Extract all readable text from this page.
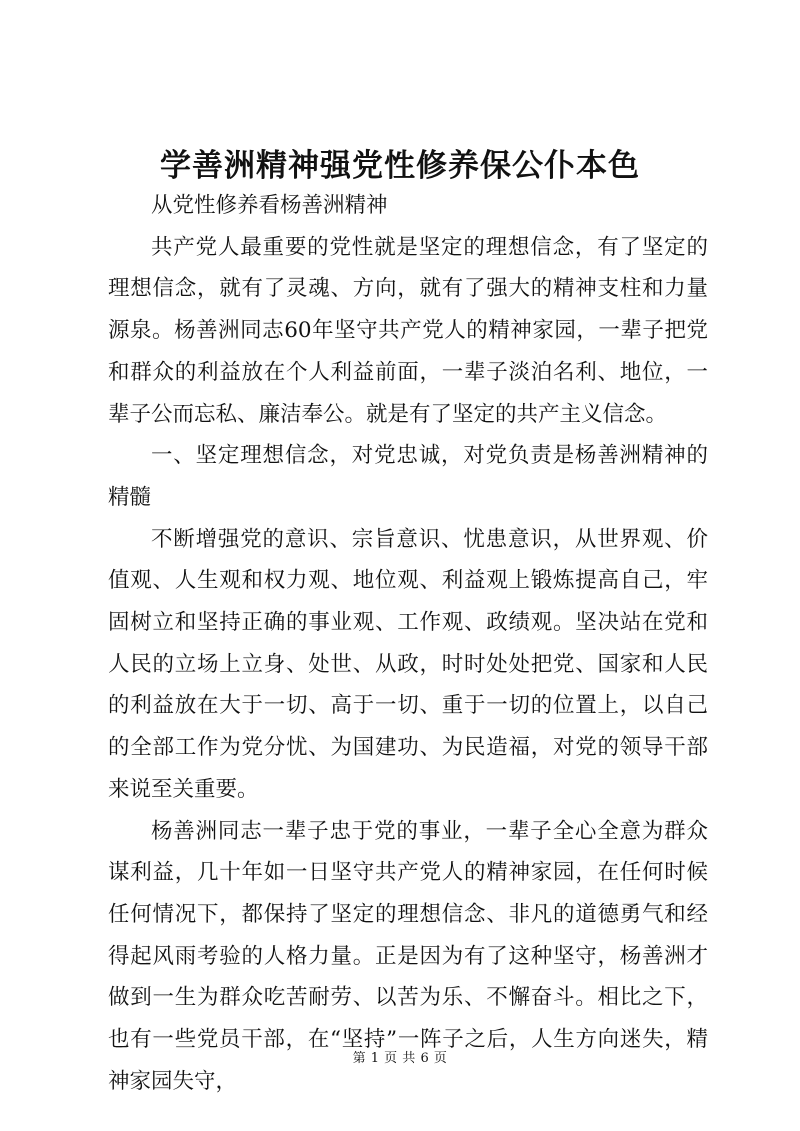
学善洲精神强党性修养保公仆本色

从党性修养看杨善洲精神

共产党人最重要的党性就是坚定的理想信念，有了坚定的理想信念，就有了灵魂、方向，就有了强大的精神支柱和力量源泉。杨善洲同志60年坚守共产党人的精神家园，一辈子把党和群众的利益放在个人利益前面，一辈子淡泊名利、地位，一辈子公而忘私、廉洁奉公。就是有了坚定的共产主义信念。

一、坚定理想信念，对党忠诚，对党负责是杨善洲精神的精髓

不断增强党的意识、宗旨意识、忧患意识，从世界观、价值观、人生观和权力观、地位观、利益观上锻炼提高自己，牢固树立和坚持正确的事业观、工作观、政绩观。坚决站在党和人民的立场上立身、处世、从政，时时处处把党、国家和人民的利益放在大于一切、高于一切、重于一切的位置上，以自己的全部工作为党分忧、为国建功、为民造福，对党的领导干部来说至关重要。

杨善洲同志一辈子忠于党的事业，一辈子全心全意为群众谋利益，几十年如一日坚守共产党人的精神家园，在任何时候任何情况下，都保持了坚定的理想信念、非凡的道德勇气和经得起风雨考验的人格力量。正是因为有了这种坚守，杨善洲才做到一生为群众吃苦耐劳、以苦为乐、不懈奋斗。相比之下，也有一些党员干部，在“坚持”一阵子之后，人生方向迷失，精神家园失守，

第 1 页 共 6 页
